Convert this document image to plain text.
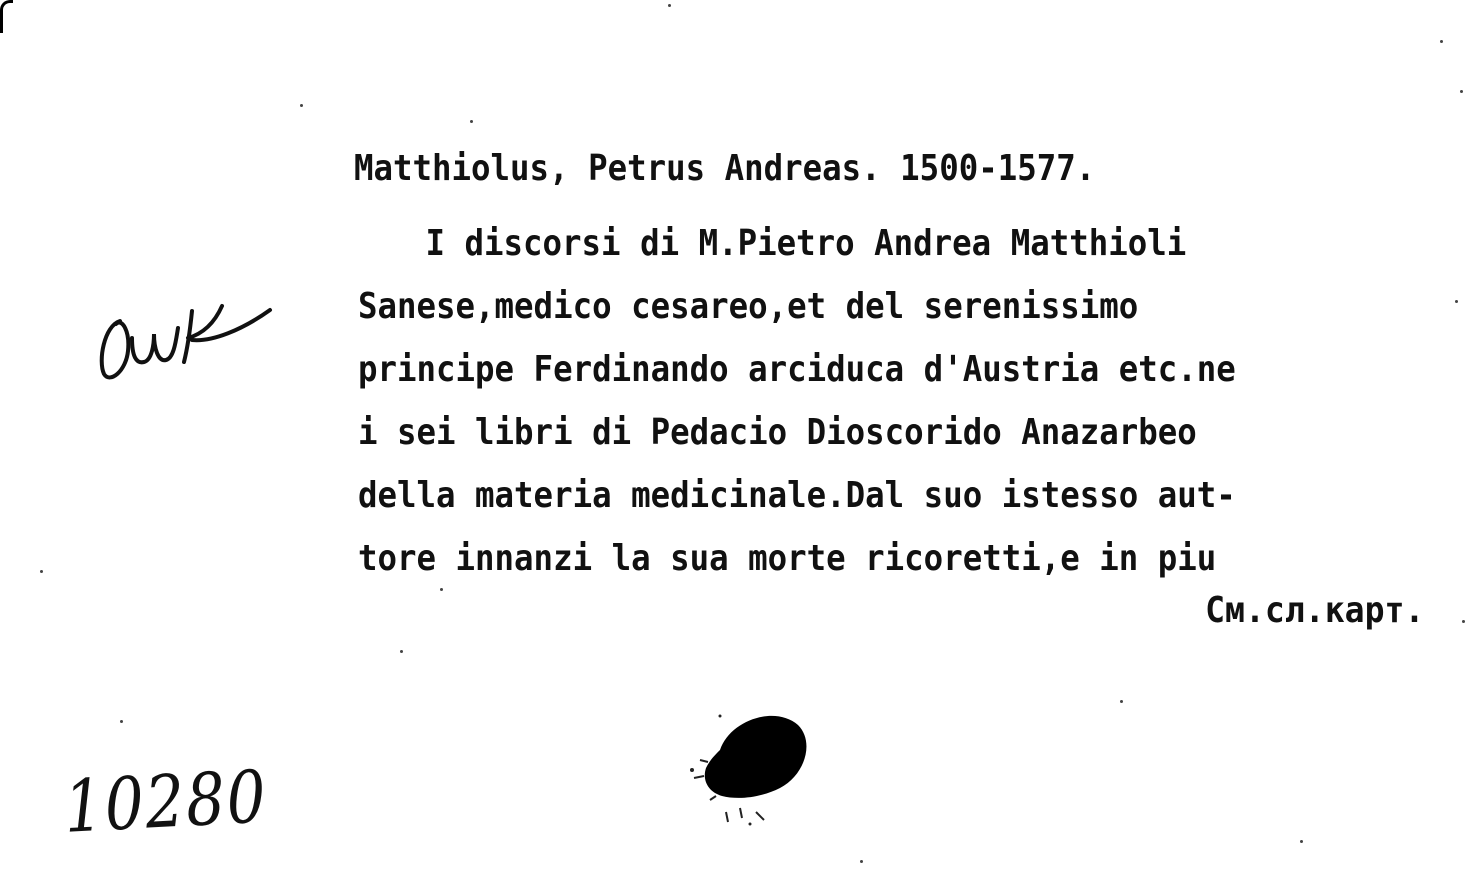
Matthiolus, Petrus Andreas. 1500-1577.
I discorsi di M.Pietro Andrea Matthioli
Sanese,medico cesareo,et del serenissimo
principe Ferdinando arciduca d'Austria etc.ne
i sei libri di Pedacio Dioscorido Anazarbeo
della materia medicinale.Dal suo istesso aut-
tore innanzi la sua morte ricoretti,e in piu
См.сл.карт.
10280
